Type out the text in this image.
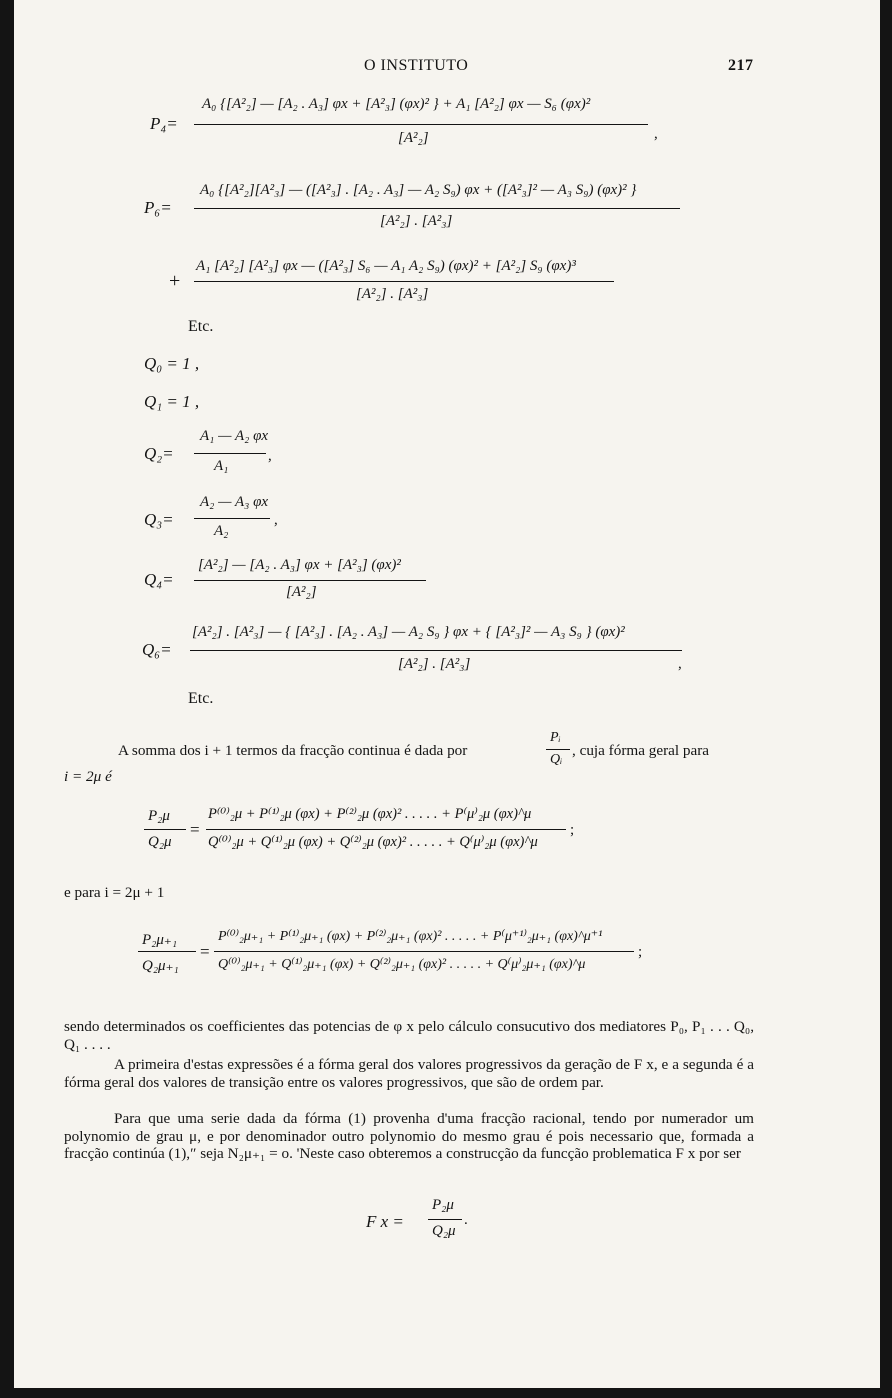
O INSTITUTO	217
P₄=
A₀ {[A²₂] — [A₂ . A₃] φx + [A²₃] (φx)² } + A₁ [A²₂] φx — S₆ (φx)²
[A²₂]	,
P₆=
A₀ {[A²₂][A²₃] — ([A²₃] . [A₂ . A₃] — A₂ S₉) φx + ([A²₃]² — A₃ S₉) (φx)² }
[A²₂] . [A²₃]
+
A₁ [A²₂] [A²₃] φx — ([A²₃] S₆ — A₁ A₂ S₉) (φx)² + [A²₂] S₉ (φx)³
[A²₂] . [A²₃]
Etc.
Q₀ = 1 ,
Q₁ = 1 ,
Q₂=
A₁ — A₂ φx
A₁
,
Q₃=
A₂ — A₃ φx
A₂
,
Q₄=
[A²₂] — [A₂ . A₃] φx + [A²₃] (φx)²
[A²₂]
Q₆=
[A²₂] . [A²₃] — { [A²₃] . [A₂ . A₃] — A₂ S₉ } φx + { [A²₃]² — A₃ S₉ } (φx)²
[A²₂] . [A²₃]	,
Etc.
A somma dos i + 1 termos da fracção continua é dada por
Pᵢ
Qᵢ
, cuja fórma geral para
i = 2μ é
P₂μ
Q₂μ
=
P⁽⁰⁾₂μ + P⁽¹⁾₂μ (φx) + P⁽²⁾₂μ (φx)² . . . . . + P⁽μ⁾₂μ (φx)^μ
Q⁽⁰⁾₂μ + Q⁽¹⁾₂μ (φx) + Q⁽²⁾₂μ (φx)² . . . . . + Q⁽μ⁾₂μ (φx)^μ
;
e para i = 2μ + 1
P₂μ₊₁
Q₂μ₊₁
=
P⁽⁰⁾₂μ₊₁ + P⁽¹⁾₂μ₊₁ (φx) + P⁽²⁾₂μ₊₁ (φx)² . . . . . + P⁽μ⁺¹⁾₂μ₊₁ (φx)^μ⁺¹
Q⁽⁰⁾₂μ₊₁ + Q⁽¹⁾₂μ₊₁ (φx) + Q⁽²⁾₂μ₊₁ (φx)² . . . . . + Q⁽μ⁾₂μ₊₁ (φx)^μ
;
sendo determinados os coefficientes das potencias de φ x pelo cálculo consucutivo dos mediatores P₀, P₁ . . . Q₀, Q₁ . . . .
A primeira d'estas expressões é a fórma geral dos valores progressivos da geração de F x, e a segunda é a fórma geral dos valores de transição entre os valores progressivos, que são de ordem par.
Para que uma serie dada da fórma (1) provenha d'uma fracção racional, tendo por numerador um polynomio de grau μ, e por denominador outro polynomio do mesmo grau é pois necessario que, formada a fracção continúa (1),″ seja N₂μ₊₁ = o. 'Neste caso obteremos a construcção da funcção problematica F x por ser
F x =
P₂μ
Q₂μ
.
